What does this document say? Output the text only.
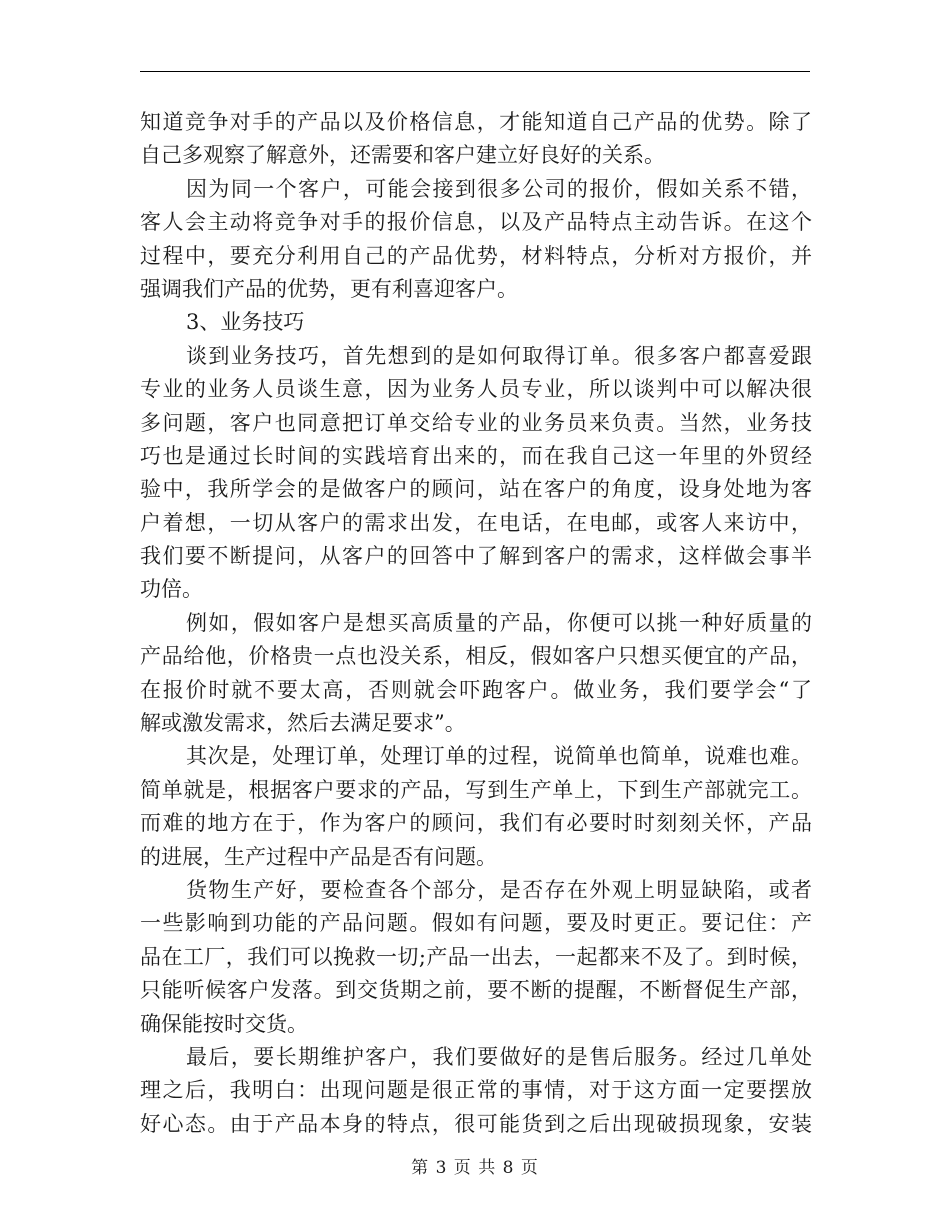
知道竞争对手的产品以及价格信息，才能知道自己产品的优势。除了
自己多观察了解意外，还需要和客户建立好良好的关系。
因为同一个客户，可能会接到很多公司的报价，假如关系不错，
客人会主动将竞争对手的报价信息，以及产品特点主动告诉。在这个
过程中，要充分利用自己的产品优势，材料特点，分析对方报价，并
强调我们产品的优势，更有利喜迎客户。
3、业务技巧
谈到业务技巧，首先想到的是如何取得订单。很多客户都喜爱跟
专业的业务人员谈生意，因为业务人员专业，所以谈判中可以解决很
多问题，客户也同意把订单交给专业的业务员来负责。当然，业务技
巧也是通过长时间的实践培育出来的，而在我自己这一年里的外贸经
验中，我所学会的是做客户的顾问，站在客户的角度，设身处地为客
户着想，一切从客户的需求出发，在电话，在电邮，或客人来访中，
我们要不断提问，从客户的回答中了解到客户的需求，这样做会事半
功倍。
例如，假如客户是想买高质量的产品，你便可以挑一种好质量的
产品给他，价格贵一点也没关系，相反，假如客户只想买便宜的产品，
在报价时就不要太高，否则就会吓跑客户。做业务，我们要学会“了
解或激发需求，然后去满足要求”。
其次是，处理订单，处理订单的过程，说简单也简单，说难也难。
简单就是，根据客户要求的产品，写到生产单上，下到生产部就完工。
而难的地方在于，作为客户的顾问，我们有必要时时刻刻关怀，产品
的进展，生产过程中产品是否有问题。
货物生产好，要检查各个部分，是否存在外观上明显缺陷，或者
一些影响到功能的产品问题。假如有问题，要及时更正。要记住：产
品在工厂，我们可以挽救一切;产品一出去，一起都来不及了。到时候，
只能听候客户发落。到交货期之前，要不断的提醒，不断督促生产部，
确保能按时交货。
最后，要长期维护客户，我们要做好的是售后服务。经过几单处
理之后，我明白：出现问题是很正常的事情，对于这方面一定要摆放
好心态。由于产品本身的特点，很可能货到之后出现破损现象，安装
第 3 页 共 8 页
